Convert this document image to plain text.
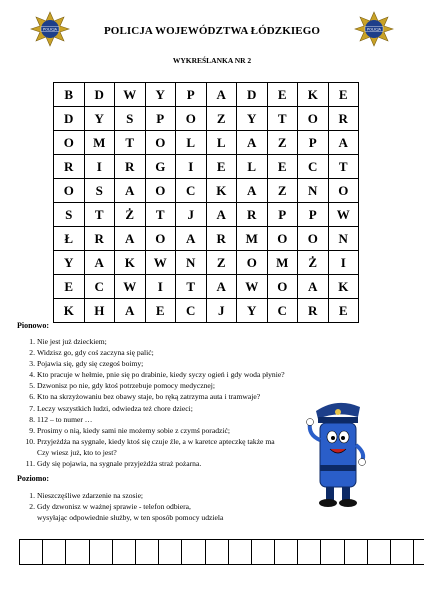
POLICJA	POLICJA
POLICJA WOJEWÓDZTWA ŁÓDZKIEGO
WYKREŚLANKA NR 2
B	D	W	Y	P	A	D	E	K	E
D	Y	S	P	O	Z	Y	T	O	R
O	M	T	O	L	L	A	Z	P	A
R	I	R	G	I	E	L	E	C	T
O	S	A	O	C	K	A	Z	N	O
S	T	Ż	T	J	A	R	P	P	W
Ł	R	A	O	A	R	M	O	O	N
Y	A	K	W	N	Z	O	M	Ż	I
E	C	W	I	T	A	W	O	A	K
K	H	A	E	C	J	Y	C	R	E
Pionowo:
1. Nie jest już dzieckiem;
2. Widzisz go, gdy coś zaczyna się palić;
3. Pojawia się, gdy się czegoś boimy;
4. Kto pracuje w hełmie, pnie się po drabinie, kiedy syczy ogień i gdy woda płynie?
5. Dzwonisz po nie, gdy ktoś potrzebuje pomocy medycznej;
6. Kto na skrzyżowaniu bez obawy staje, bo ręką zatrzyma auta i tramwaje?
7. Leczy wszystkich ludzi, odwiedza też chore dzieci;
8. 112 – to numer …
9. Prosimy o nią, kiedy sami nie możemy sobie z czymś poradzić;
10. Przyjeżdża na sygnale, kiedy ktoś się czuje źle, a w karetce apteczkę także ma
Czy wiesz już, kto to jest?
11. Gdy się pojawia, na sygnale przyjeżdża straż pożarna.
Poziomo:
1. Nieszczęśliwe zdarzenie na szosie;
2. Gdy dzwonisz w ważnej sprawie - telefon odbiera,
wysyłając odpowiednie służby, w ten sposób pomocy udziela
